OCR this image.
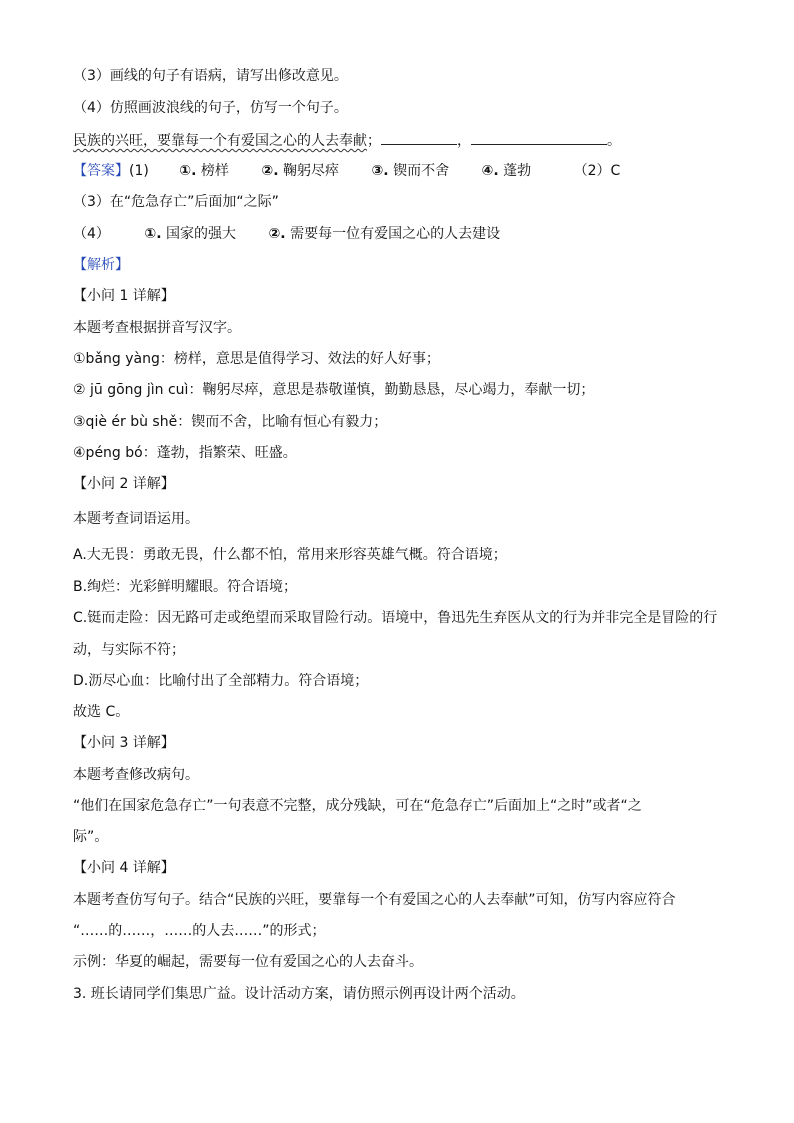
（3）画线的句子有语病，请写出修改意见。
（4）仿照画波浪线的句子，仿写一个句子。
民族的兴旺，要靠每一个有爱国之心的人去奉献；	，	。
【答案】(1) ①. 榜样 ②. 鞠躬尽瘁 ③. 锲而不舍 ④. 蓬勃	（2）C
（3）在“危急存亡”后面加“之际”
（4） ①. 国家的强大 ②. 需要每一位有爱国之心的人去建设
【解析】
【小问 1 详解】
本题考查根据拼音写汉字。
①bǎng yàng：榜样，意思是值得学习、效法的好人好事；
② jū gōng jìn cuì：鞠躬尽瘁，意思是恭敬谨慎，勤勤恳恳，尽心竭力，奉献一切；
③qiè ér bù shě：锲而不舍，比喻有恒心有毅力；
④péng bó：蓬勃，指繁荣、旺盛。
【小问 2 详解】
本题考查词语运用。
A.大无畏：勇敢无畏，什么都不怕，常用来形容英雄气概。符合语境；
B.绚烂：光彩鲜明耀眼。符合语境；
C.铤而走险：因无路可走或绝望而采取冒险行动。语境中，鲁迅先生弃医从文的行为并非完全是冒险的行
动，与实际不符；
D.沥尽心血：比喻付出了全部精力。符合语境；
故选 C。
【小问 3 详解】
本题考查修改病句。
“他们在国家危急存亡”一句表意不完整，成分残缺，可在“危急存亡”后面加上“之时”或者“之
际”。
【小问 4 详解】
本题考查仿写句子。结合“民族的兴旺，要靠每一个有爱国之心的人去奉献”可知，仿写内容应符合
“……的……，……的人去……”的形式；
示例：华夏的崛起，需要每一位有爱国之心的人去奋斗。
3. 班长请同学们集思广益。设计活动方案，请仿照示例再设计两个活动。
